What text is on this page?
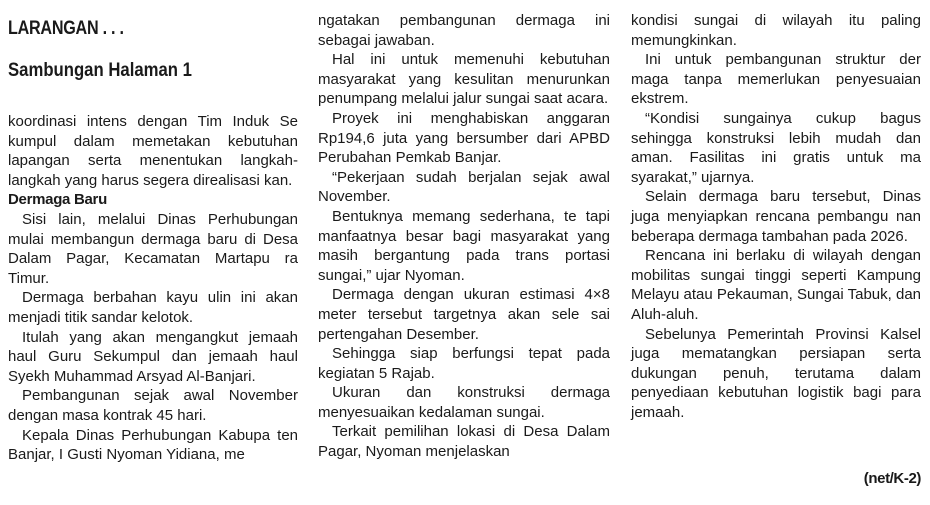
LARANGAN . . .
Sambungan Halaman 1

koordinasi intens dengan Tim Induk Se kumpul dalam memetakan kebutuhan lapangan serta menentukan langkah-langkah yang harus segera direalisasi kan.

Dermaga Baru

Sisi lain, melalui Dinas Perhubungan mulai membangun dermaga baru di Desa Dalam Pagar, Kecamatan Martapu ra Timur.

Dermaga berbahan kayu ulin ini akan menjadi titik sandar kelotok.

Itulah yang akan mengangkut jemaah haul Guru Sekumpul dan jemaah haul Syekh Muhammad Arsyad Al-Banjari.

Pembangunan sejak awal November dengan masa kontrak 45 hari.

Kepala Dinas Perhubungan Kabupa ten Banjar, I Gusti Nyoman Yidiana, me

ngatakan pembangunan dermaga ini sebagai jawaban.

Hal ini untuk memenuhi kebutuhan masyarakat yang kesulitan menurunkan penumpang melalui jalur sungai saat acara.

Proyek ini menghabiskan anggaran Rp194,6 juta yang bersumber dari APBD Perubahan Pemkab Banjar.

“Pekerjaan sudah berjalan sejak awal November.

Bentuknya memang sederhana, te tapi manfaatnya besar bagi masyarakat yang masih bergantung pada trans portasi sungai,” ujar Nyoman.

Dermaga dengan ukuran estimasi 4×8 meter tersebut targetnya akan sele sai pertengahan Desember.

Sehingga siap berfungsi tepat pada kegiatan 5 Rajab.

Ukuran dan konstruksi dermaga menyesuaikan kedalaman sungai.

Terkait pemilihan lokasi di Desa Dalam Pagar, Nyoman menjelaskan

kondisi sungai di wilayah itu paling memungkinkan.

Ini untuk pembangunan struktur der maga tanpa memerlukan penyesuaian ekstrem.

“Kondisi sungainya cukup bagus sehingga konstruksi lebih mudah dan aman. Fasilitas ini gratis untuk ma syarakat,” ujarnya.

Selain dermaga baru tersebut, Dinas juga menyiapkan rencana pembangu nan beberapa dermaga tambahan pada 2026.

Rencana ini berlaku di wilayah dengan mobilitas sungai tinggi seperti Kampung Melayu atau Pekauman, Sungai Tabuk, dan Aluh-aluh.

Sebelunya Pemerintah Provinsi Kalsel juga mematangkan persiapan serta dukungan penuh, terutama dalam penyediaan kebutuhan logistik bagi para jemaah.

(net/K-2)
